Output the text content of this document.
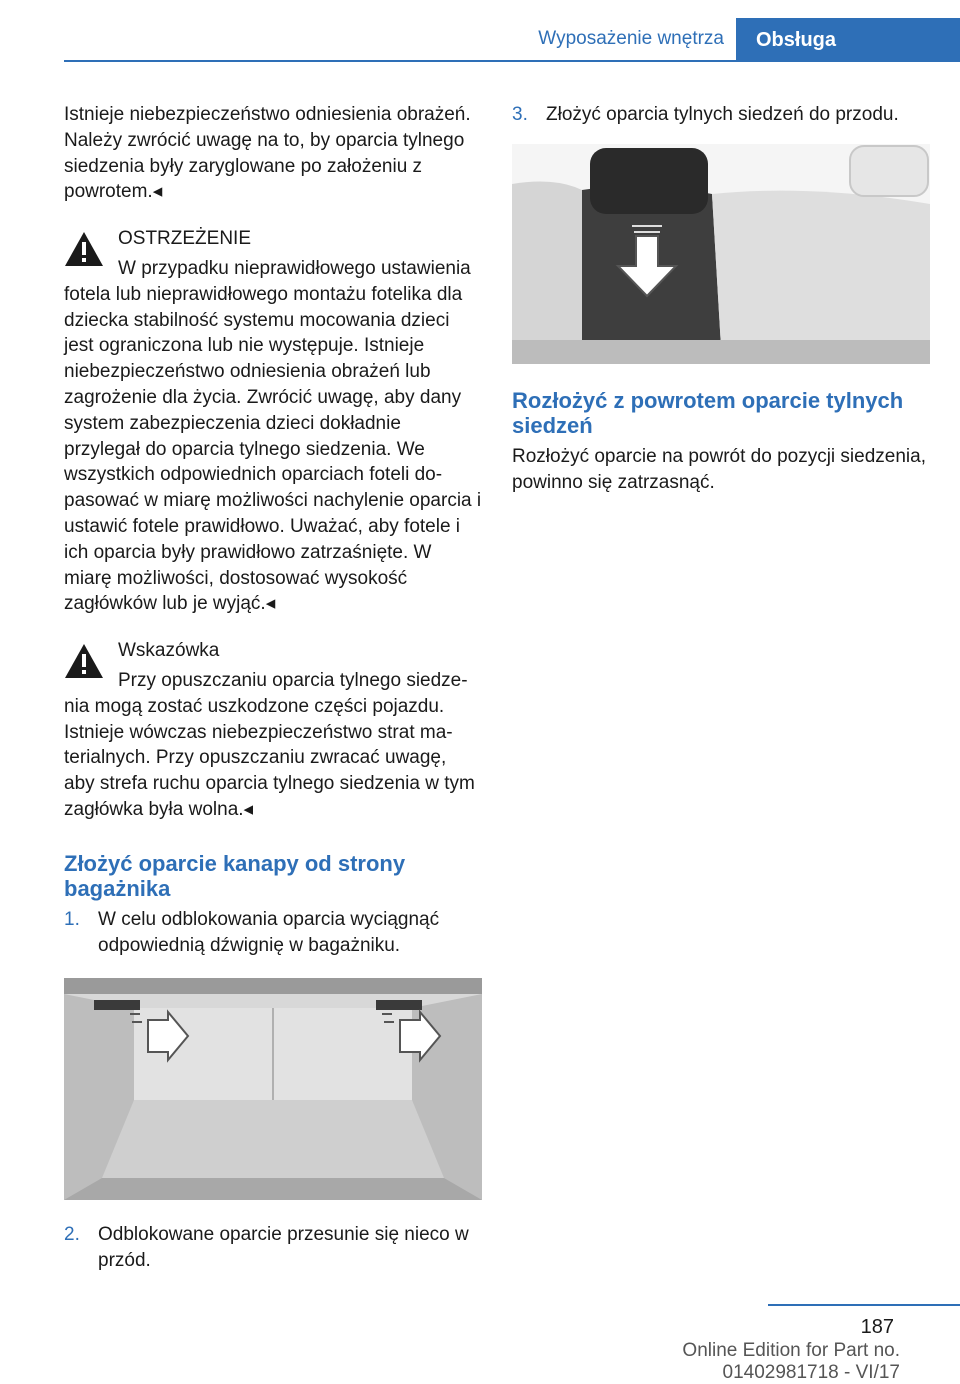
Wyposażenie wnętrza Obsługa

Istnieje niebezpieczeństwo odniesienia obrażeń. Należy zwrócić uwagę na to, by oparcia tylnego siedzenia były zaryglowane po założeniu z powrotem.◂

OSTRZEŻENIE

W przypadku nieprawidłowego ustawienia fotela lub nieprawidłowego montażu fotelika dla dziecka stabilność systemu mocowania dzieci jest ograniczona lub nie występuje. Istnieje niebezpieczeństwo odniesienia obrażeń lub zagrożenie dla życia. Zwrócić uwagę, aby dany system zabezpieczenia dzieci dokładnie przylegał do oparcia tylnego siedzenia. We wszystkich odpowiednich oparciach foteli dopasować w miarę możliwości nachylenie oparcia i ustawić fotele prawidłowo. Uważać, aby fotele i ich oparcia były prawidłowo zatrzaśnięte. W miarę możliwości, dostosować wysokość zagłówków lub je wyjąć.◂

Wskazówka

Przy opuszczaniu oparcia tylnego siedzenia mogą zostać uszkodzone części pojazdu. Istnieje wówczas niebezpieczeństwo strat materialnych. Przy opuszczaniu zwracać uwagę, aby strefa ruchu oparcia tylnego siedzenia w tym zagłówka była wolna.◂

Złożyć oparcie kanapy od strony bagażnika
1. W celu odblokowania oparcia wyciągnąć odpowiednią dźwignię w bagażniku.
2. Odblokowane oparcie przesunie się nieco w przód.
3. Złożyć oparcia tylnych siedzeń do przodu.
Rozłożyć z powrotem oparcie tylnych siedzeń

Rozłożyć oparcie na powrót do pozycji siedzenia, powinno się zatrzasnąć.

187
Online Edition for Part no. 01402981718 - VI/17
